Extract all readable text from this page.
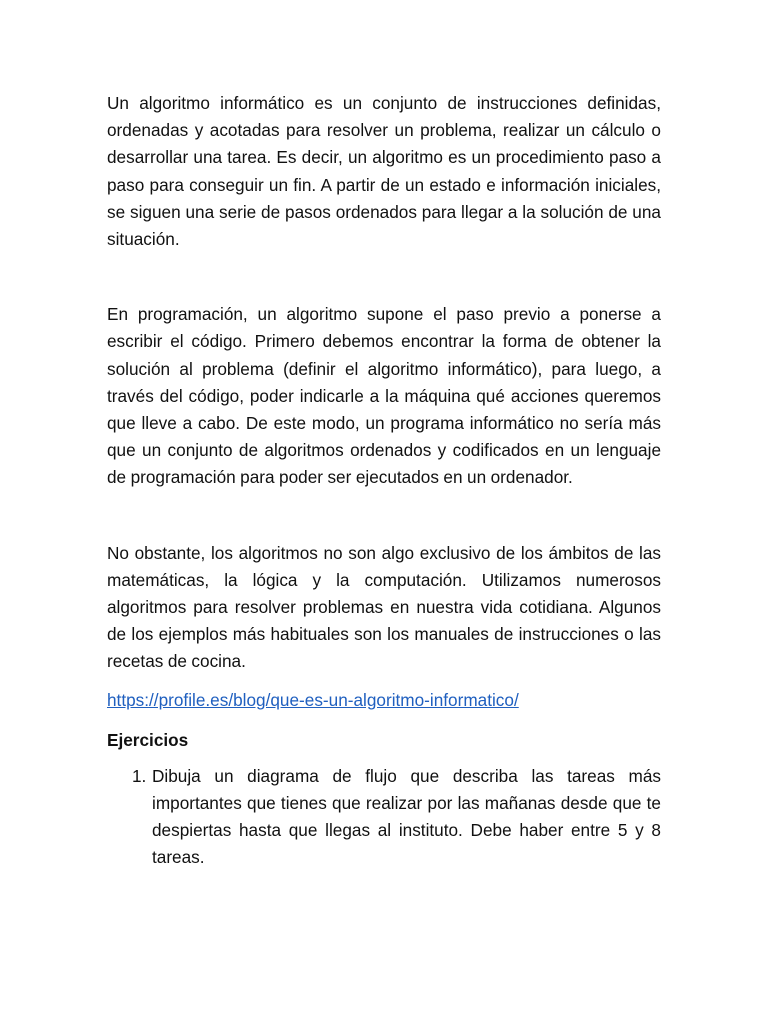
Un algoritmo informático es un conjunto de instrucciones definidas, ordenadas y acotadas para resolver un problema, realizar un cálculo o desarrollar una tarea. Es decir, un algoritmo es un procedimiento paso a paso para conseguir un fin. A partir de un estado e información iniciales, se siguen una serie de pasos ordenados para llegar a la solución de una situación.

En programación, un algoritmo supone el paso previo a ponerse a escribir el código. Primero debemos encontrar la forma de obtener la solución al problema (definir el algoritmo informático), para luego, a través del código, poder indicarle a la máquina qué acciones queremos que lleve a cabo. De este modo, un programa informático no sería más que un conjunto de algoritmos ordenados y codificados en un lenguaje de programación para poder ser ejecutados en un ordenador.

No obstante, los algoritmos no son algo exclusivo de los ámbitos de las matemáticas, la lógica y la computación. Utilizamos numerosos algoritmos para resolver problemas en nuestra vida cotidiana. Algunos de los ejemplos más habituales son los manuales de instrucciones o las recetas de cocina.

https://profile.es/blog/que-es-un-algoritmo-informatico/
Ejercicios
1. Dibuja un diagrama de flujo que describa las tareas más importantes que tienes que realizar por las mañanas desde que te despiertas hasta que llegas al instituto. Debe haber entre 5 y 8 tareas.
